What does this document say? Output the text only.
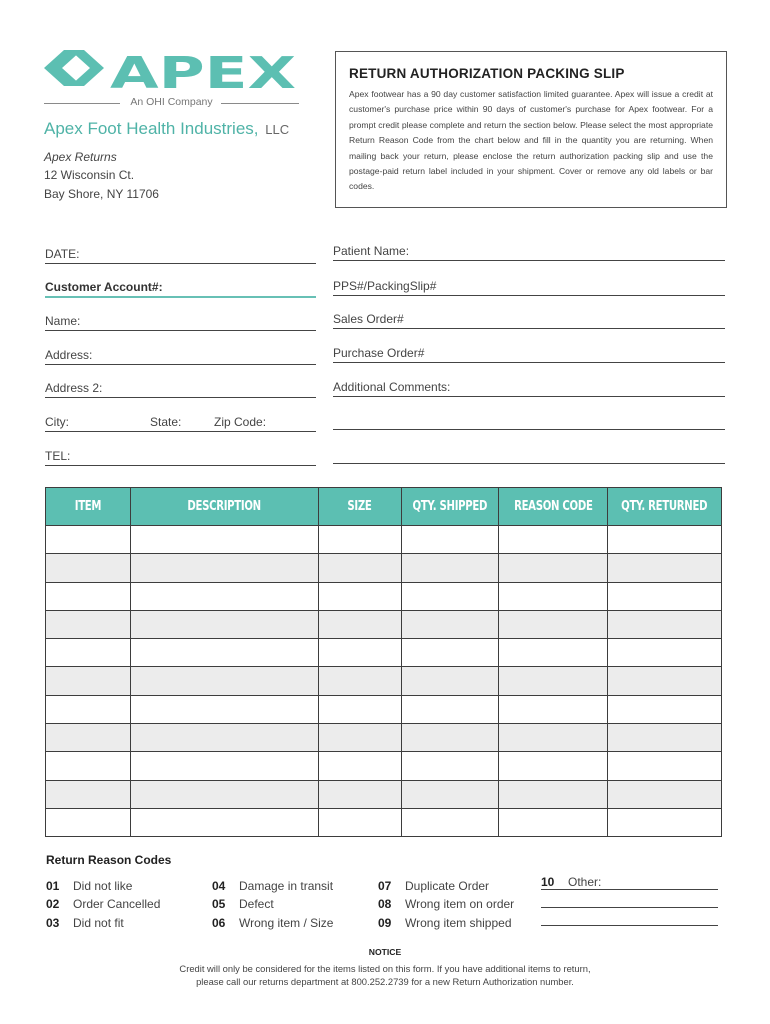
APEX
An OHI Company
Apex Foot Health Industries, LLC
Apex Returns
12 Wisconsin Ct.
Bay Shore, NY 11706
RETURN AUTHORIZATION PACKING SLIP
Apex footwear has a 90 day customer satisfaction limited guarantee. Apex will issue a credit at customer's purchase price within 90 days of customer's purchase for Apex footwear. For a prompt credit please complete and return the section below. Please select the most appropriate Return Reason Code from the chart below and fill in the quantity you are returning. When mailing back your return, please enclose the return authorization packing slip and use the postage-paid return label included in your shipment. Cover or remove any old labels or bar codes.
DATE:
Customer Account#:
Name:
Address:
Address 2:
City:	State:	Zip Code:
TEL:
Patient Name:
PPS#/PackingSlip#
Sales Order#
Purchase Order#
Additional Comments:
ITEM	DESCRIPTION	SIZE	QTY. SHIPPED	REASON CODE	QTY. RETURNED

Return Reason Codes
01 Did not like
02 Order Cancelled
03 Did not fit
04 Damage in transit
05 Defect
06 Wrong item / Size
07 Duplicate Order
08 Wrong item on order
09 Wrong item shipped
10 Other:
NOTICE
Credit will only be considered for the items listed on this form. If you have additional items to return,
please call our returns department at 800.252.2739 for a new Return Authorization number.
